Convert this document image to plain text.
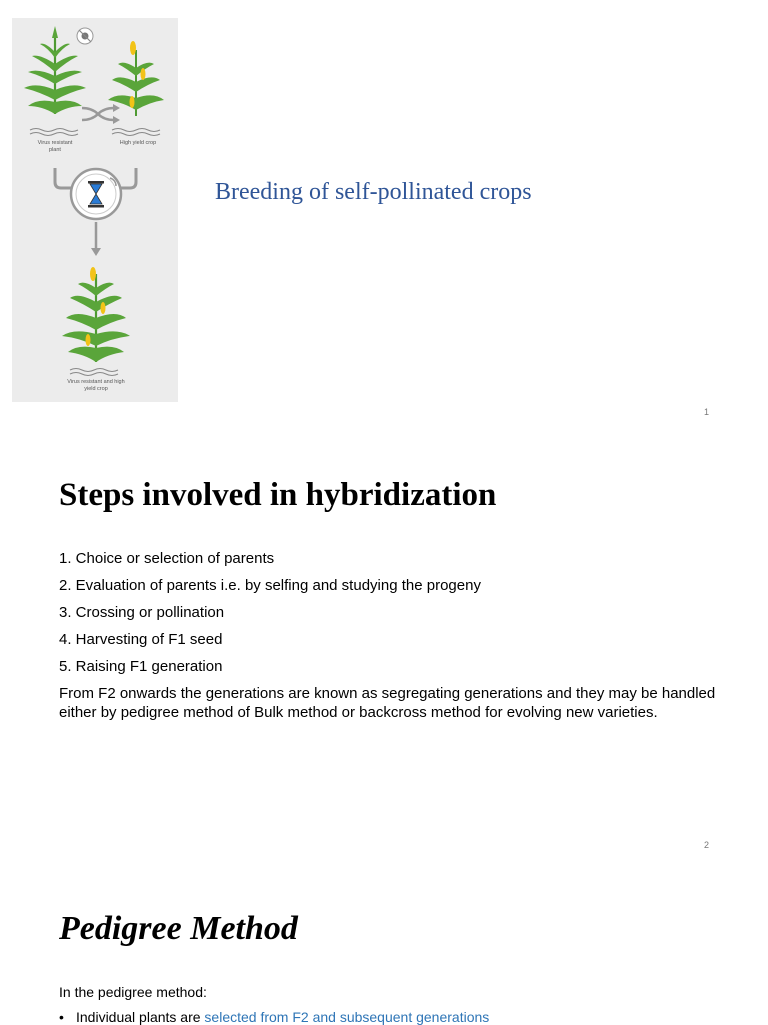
Virus resistant
plant
High yield crop
Virus resistant and high
yield crop
Breeding of self-pollinated crops
1
Steps involved in hybridization
1. Choice or selection of parents
2. Evaluation of parents i.e. by selfing and studying the progeny
3. Crossing or pollination
4. Harvesting of F1 seed
5. Raising F1 generation
From F2 onwards the generations are known as segregating generations and they may be handled either by pedigree method of Bulk method or backcross method for evolving new varieties.
2
Pedigree Method
In the pedigree method:
• Individual plants are selected from F2 and subsequent generations
